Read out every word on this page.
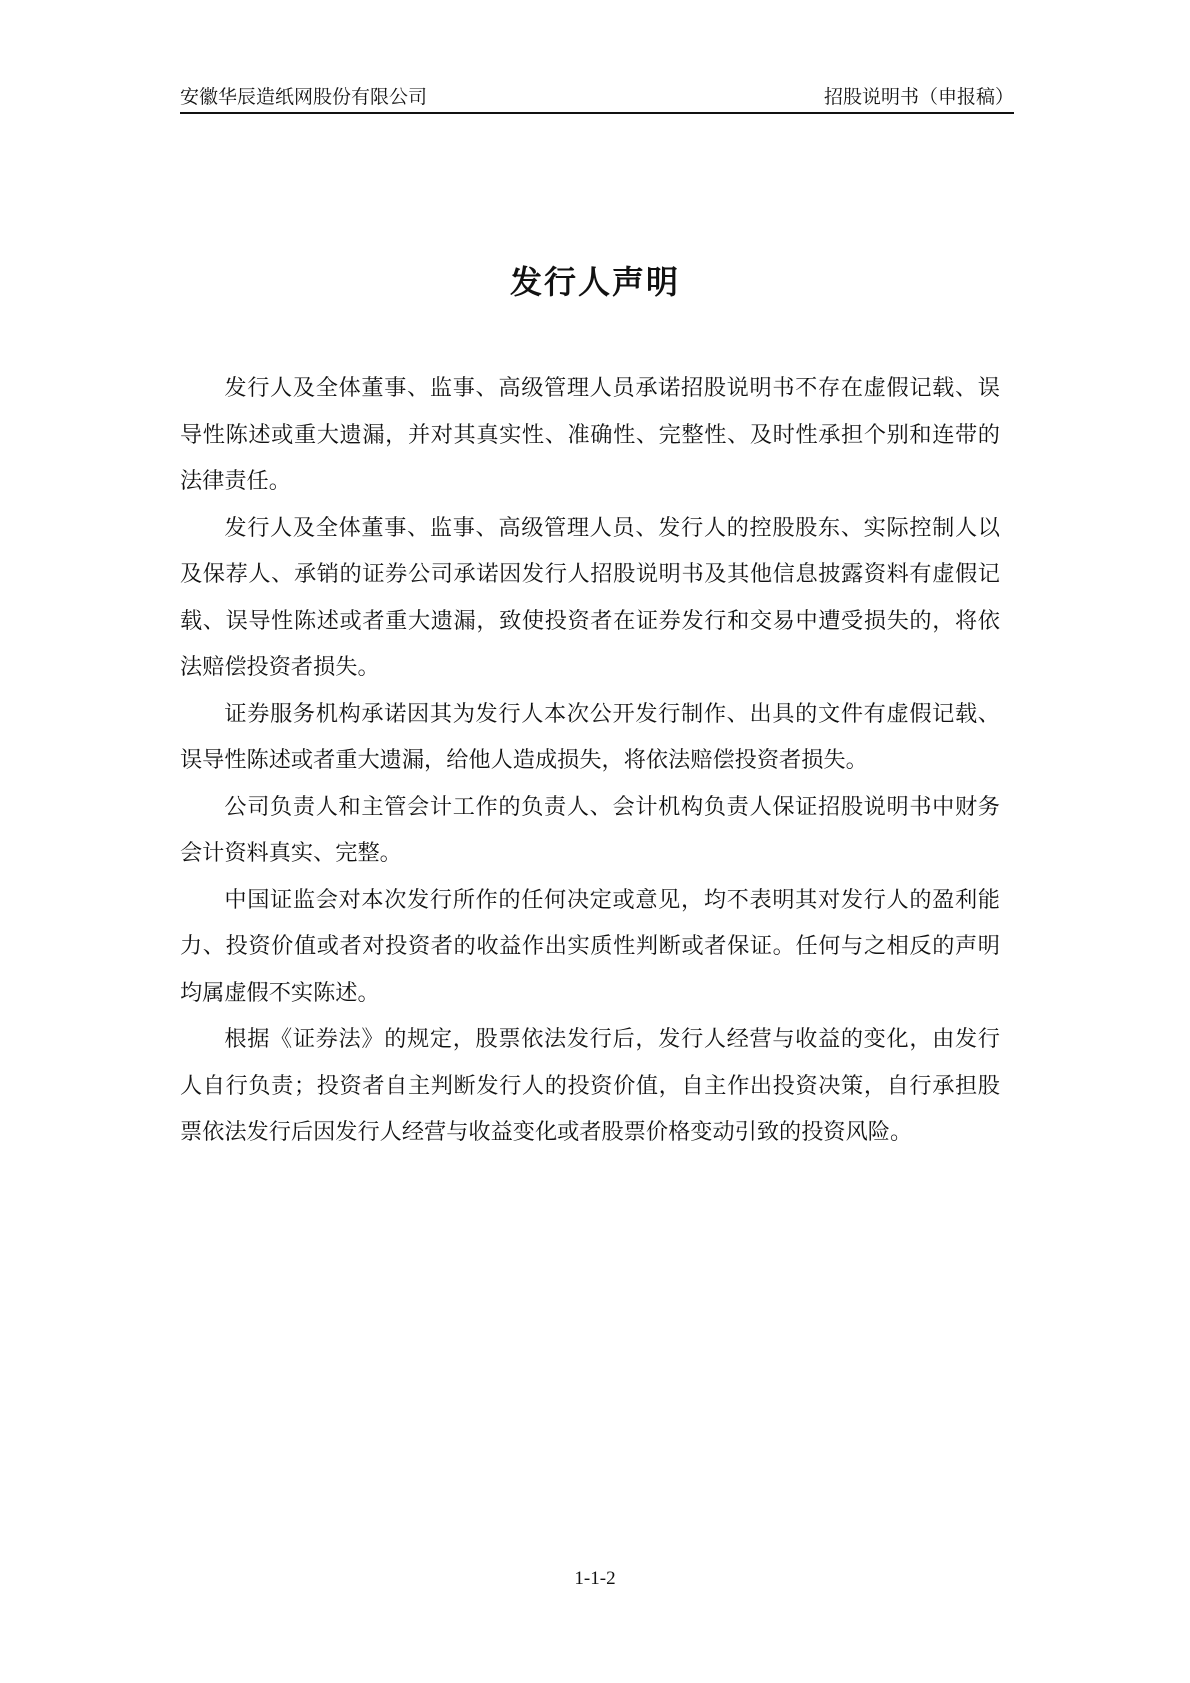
安徽华辰造纸网股份有限公司	招股说明书（申报稿）
发行人声明

发行人及全体董事、监事、高级管理人员承诺招股说明书不存在虚假记载、误导性陈述或重大遗漏，并对其真实性、准确性、完整性、及时性承担个别和连带的法律责任。

发行人及全体董事、监事、高级管理人员、发行人的控股股东、实际控制人以及保荐人、承销的证券公司承诺因发行人招股说明书及其他信息披露资料有虚假记载、误导性陈述或者重大遗漏，致使投资者在证券发行和交易中遭受损失的，将依法赔偿投资者损失。

证券服务机构承诺因其为发行人本次公开发行制作、出具的文件有虚假记载、误导性陈述或者重大遗漏，给他人造成损失，将依法赔偿投资者损失。

公司负责人和主管会计工作的负责人、会计机构负责人保证招股说明书中财务会计资料真实、完整。

中国证监会对本次发行所作的任何决定或意见，均不表明其对发行人的盈利能力、投资价值或者对投资者的收益作出实质性判断或者保证。任何与之相反的声明均属虚假不实陈述。

根据《证券法》的规定，股票依法发行后，发行人经营与收益的变化，由发行人自行负责；投资者自主判断发行人的投资价值，自主作出投资决策，自行承担股票依法发行后因发行人经营与收益变化或者股票价格变动引致的投资风险。

1-1-2
